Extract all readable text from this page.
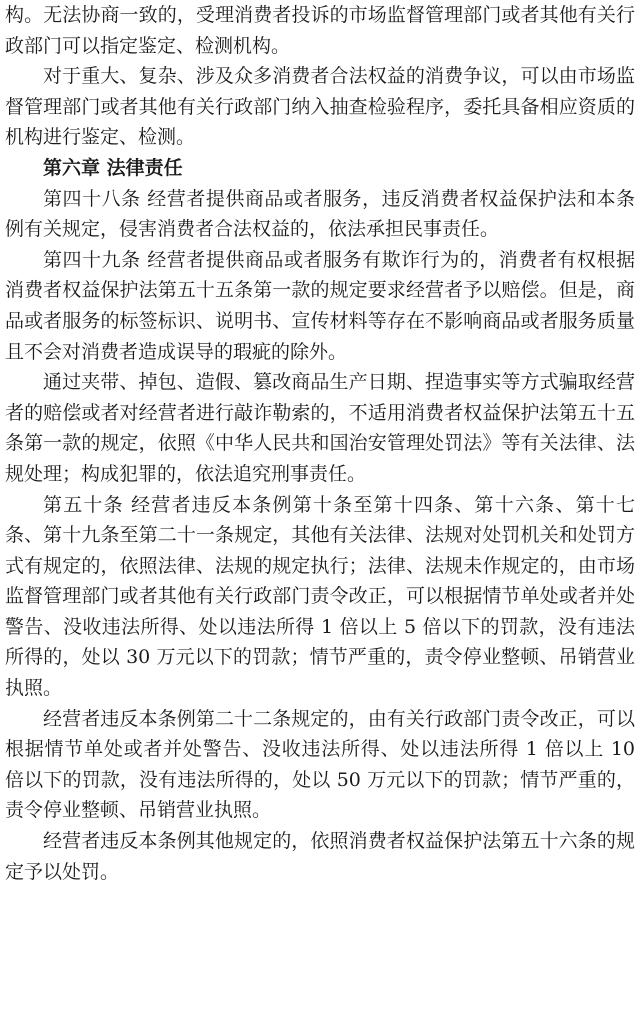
构。无法协商一致的，受理消费者投诉的市场监督管理部门或者其他有关行政部门可以指定鉴定、检测机构。

对于重大、复杂、涉及众多消费者合法权益的消费争议，可以由市场监督管理部门或者其他有关行政部门纳入抽查检验程序，委托具备相应资质的机构进行鉴定、检测。

第六章 法律责任

第四十八条 经营者提供商品或者服务，违反消费者权益保护法和本条例有关规定，侵害消费者合法权益的，依法承担民事责任。

第四十九条 经营者提供商品或者服务有欺诈行为的，消费者有权根据消费者权益保护法第五十五条第一款的规定要求经营者予以赔偿。但是，商品或者服务的标签标识、说明书、宣传材料等存在不影响商品或者服务质量且不会对消费者造成误导的瑕疵的除外。

通过夹带、掉包、造假、篡改商品生产日期、捏造事实等方式骗取经营者的赔偿或者对经营者进行敲诈勒索的，不适用消费者权益保护法第五十五条第一款的规定，依照《中华人民共和国治安管理处罚法》等有关法律、法规处理；构成犯罪的，依法追究刑事责任。

第五十条 经营者违反本条例第十条至第十四条、第十六条、第十七条、第十九条至第二十一条规定，其他有关法律、法规对处罚机关和处罚方式有规定的，依照法律、法规的规定执行；法律、法规未作规定的，由市场监督管理部门或者其他有关行政部门责令改正，可以根据情节单处或者并处警告、没收违法所得、处以违法所得 1 倍以上 5 倍以下的罚款，没有违法所得的，处以 30 万元以下的罚款；情节严重的，责令停业整顿、吊销营业执照。

经营者违反本条例第二十二条规定的，由有关行政部门责令改正，可以根据情节单处或者并处警告、没收违法所得、处以违法所得 1 倍以上 10 倍以下的罚款，没有违法所得的，处以 50 万元以下的罚款；情节严重的，责令停业整顿、吊销营业执照。

经营者违反本条例其他规定的，依照消费者权益保护法第五十六条的规定予以处罚。
